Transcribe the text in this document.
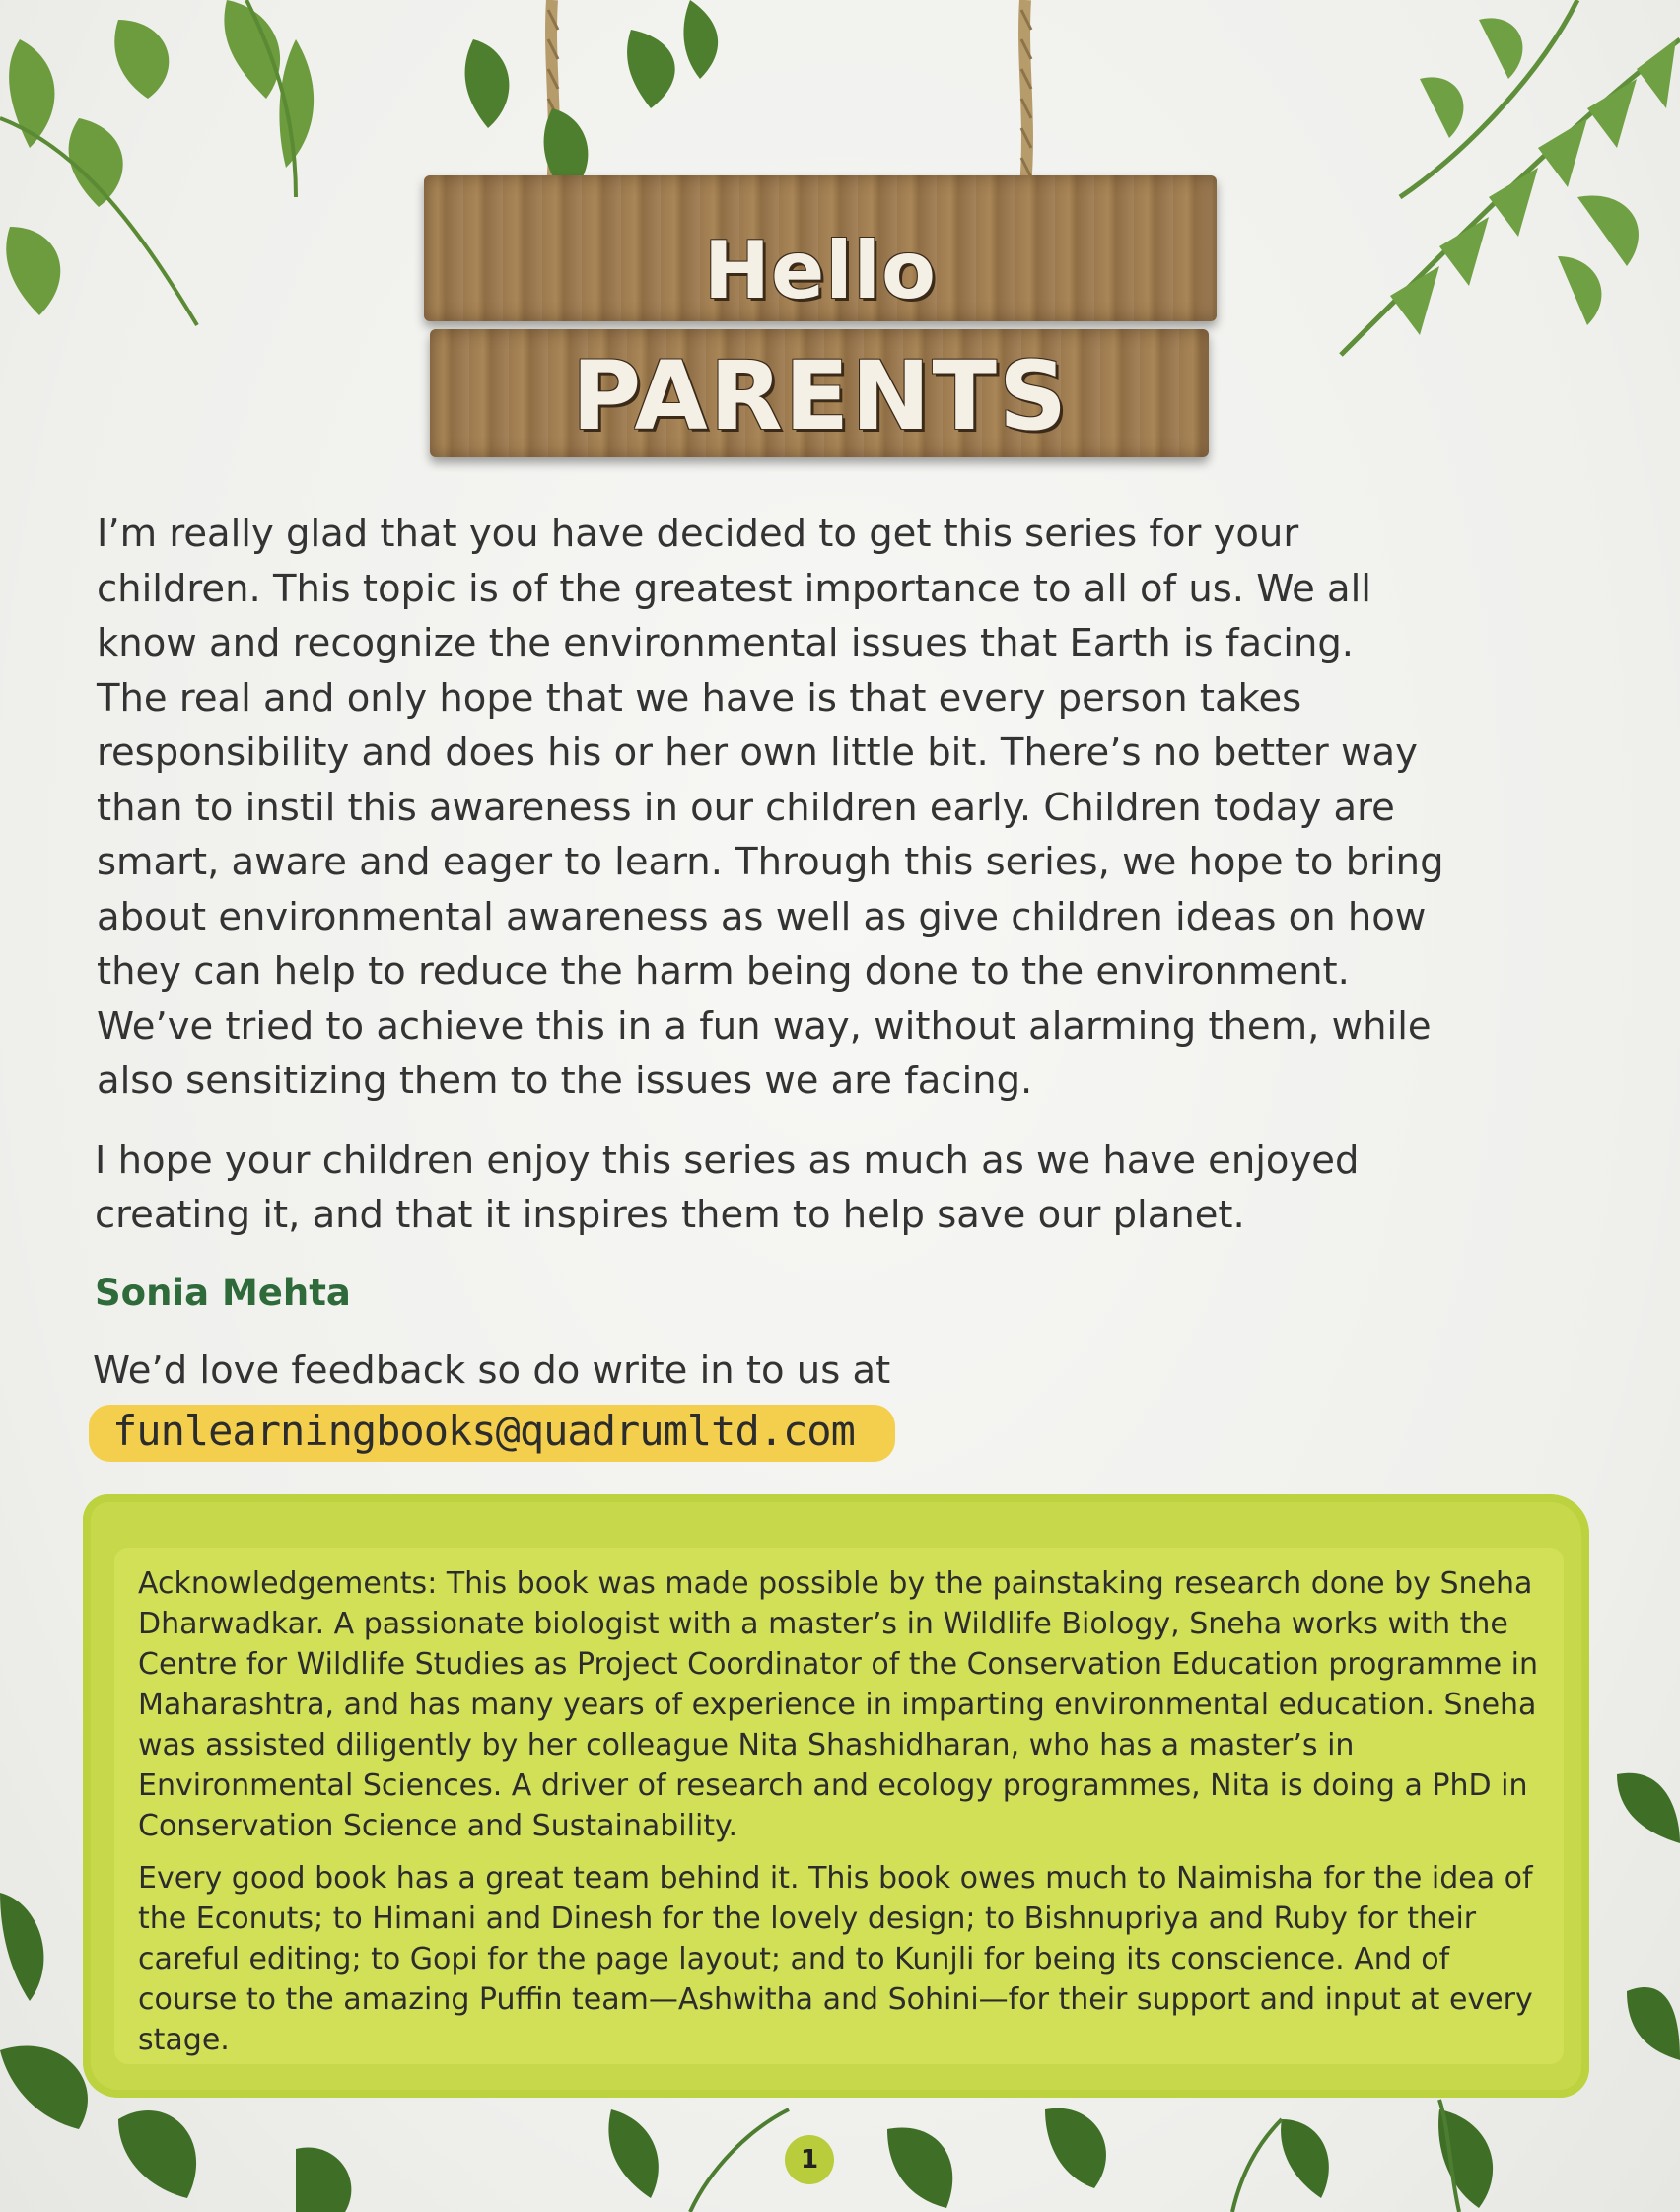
Hello
PARENTS

I’m really glad that you have decided to get this series for your

children. This topic is of the greatest importance to all of us. We all

know and recognize the environmental issues that Earth is facing.

The real and only hope that we have is that every person takes

responsibility and does his or her own little bit. There’s no better way

than to instil this awareness in our children early. Children today are

smart, aware and eager to learn. Through this series, we hope to bring

about environmental awareness as well as give children ideas on how

they can help to reduce the harm being done to the environment.

We’ve tried to achieve this in a fun way, without alarming them, while

also sensitizing them to the issues we are facing.

I hope your children enjoy this series as much as we have enjoyed
creating it, and that it inspires them to help save our planet.
Sonia Mehta
We’d love feedback so do write in to us at
funlearningbooks@quadrumltd.com

Acknowledgements: This book was made possible by the painstaking research done by Sneha Dharwadkar. A passionate biologist with a master’s in Wildlife Biology, Sneha works with the Centre for Wildlife Studies as Project Coordinator of the Conservation Education programme in Maharashtra, and has many years of experience in imparting environmental education. Sneha was assisted diligently by her colleague Nita Shashidharan, who has a master’s in Environmental Sciences. A driver of research and ecology programmes, Nita is doing a PhD in Conservation Science and Sustainability.

Every good book has a great team behind it. This book owes much to Naimisha for the idea of the Econuts; to Himani and Dinesh for the lovely design; to Bishnupriya and Ruby for their careful editing; to Gopi for the page layout; and to Kunjli for being its conscience. And of course to the amazing Puffin team—Ashwitha and Sohini—for their support and input at every stage.

1
